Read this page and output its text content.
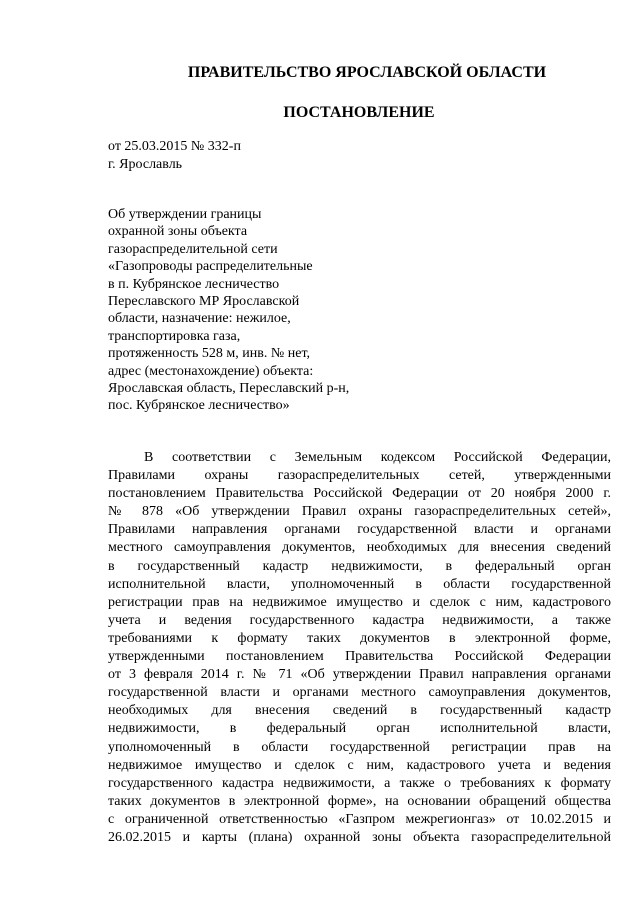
ПРАВИТЕЛЬСТВО ЯРОСЛАВСКОЙ ОБЛАСТИ
ПОСТАНОВЛЕНИЕ
от 25.03.2015 № 332-п
г. Ярославль
Об утверждении границы
охранной зоны объекта
газораспределительной сети
«Газопроводы распределительные
в п. Кубрянское лесничество
Переславского МР Ярославской
области, назначение: нежилое,
транспортировка газа,
протяженность 528 м, инв. № нет,
адрес (местонахождение) объекта:
Ярославская область, Переславский р-н,
пос. Кубрянское лесничество»
В соответствии с Земельным кодексом Российской Федерации,
Правилами охраны газораспределительных сетей, утвержденными
постановлением Правительства Российской Федерации от 20 ноября 2000 г.
№ 878 «Об утверждении Правил охраны газораспределительных сетей»,
Правилами направления органами государственной власти и органами
местного самоуправления документов, необходимых для внесения сведений
в государственный кадастр недвижимости, в федеральный орган
исполнительной власти, уполномоченный в области государственной
регистрации прав на недвижимое имущество и сделок с ним, кадастрового
учета и ведения государственного кадастра недвижимости, а также
требованиями к формату таких документов в электронной форме,
утвержденными постановлением Правительства Российской Федерации
от 3 февраля 2014 г. № 71 «Об утверждении Правил направления органами
государственной власти и органами местного самоуправления документов,
необходимых для внесения сведений в государственный кадастр
недвижимости, в федеральный орган исполнительной власти,
уполномоченный в области государственной регистрации прав на
недвижимое имущество и сделок с ним, кадастрового учета и ведения
государственного кадастра недвижимости, а также о требованиях к формату
таких документов в электронной форме», на основании обращений общества
с ограниченной ответственностью «Газпром межрегионгаз» от 10.02.2015 и
26.02.2015 и карты (плана) охранной зоны объекта газораспределительной
